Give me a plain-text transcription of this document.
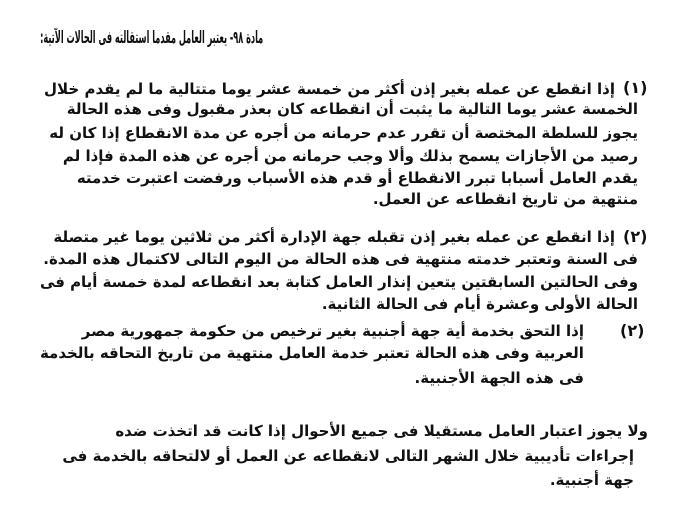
مادة ٩٨- يعتبر العامل مقدما استقالته فى الحالات الآتية:
(١)
إذا انقطع عن عمله بغير إذن أكثر من خمسة عشر يوما متتالية ما لم يقدم خلال
الخمسة عشر يوما التالية ما يثبت أن انقطاعه كان بعذر مقبول وفى هذه الحالة
يجوز للسلطة المختصة أن تقرر عدم حرمانه من أجره عن مدة الانقطاع إذا كان له
رصيد من الأجازات يسمح بذلك وألا وجب حرمانه من أجره عن هذه المدة فإذا لم
يقدم العامل أسبابا تبرر الانقطاع أو قدم هذه الأسباب ورفضت اعتبرت خدمته
منتهية من تاريخ انقطاعه عن العمل.
(٢)
إذا انقطع عن عمله بغير إذن تقبله جهة الإدارة أكثر من ثلاثين يوما غير متصلة
فى السنة وتعتبر خدمته منتهية فى هذه الحالة من اليوم التالى لاكتمال هذه المدة.
وفى الحالتين السابقتين يتعين إنذار العامل كتابة بعد انقطاعه لمدة خمسة أيام فى
الحالة الأولى وعشرة أيام فى الحالة الثانية.
(٢)
إذا التحق بخدمة أية جهة أجنبية بغير ترخيص من حكومة جمهورية مصر
العربية وفى هذه الحالة تعتبر خدمة العامل منتهية من تاريخ التحاقه بالخدمة
فى هذه الجهة الأجنبية.
ولا يجوز اعتبار العامل مستقيلا فى جميع الأحوال إذا كانت قد اتخذت ضده
إجراءات تأديبية خلال الشهر التالى لانقطاعه عن العمل أو لالتحاقه بالخدمة فى
جهة أجنبية.
